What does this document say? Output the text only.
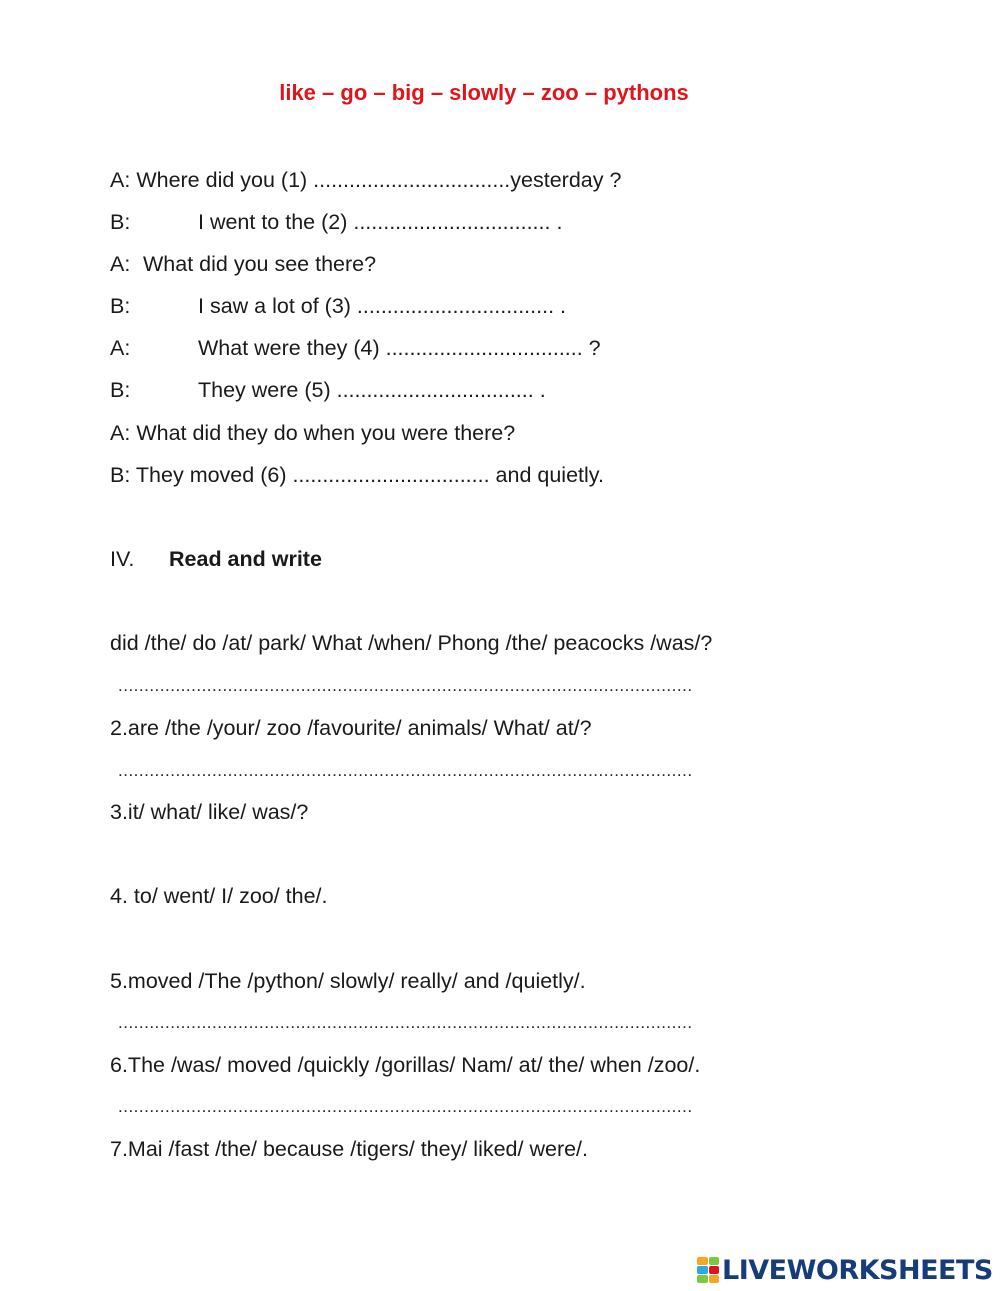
like – go – big – slowly – zoo – pythons
A: Where did you (1) .................................yesterday ?
B:	I went to the (2) ................................. .
A: What did you see there?
B:	I saw a lot of (3) ................................. .
A:	What were they (4) ................................. ?
B:	They were (5) ................................. .
A: What did they do when you were there?
B: They moved (6) ................................. and quietly.
IV. Read and write
did /the/ do /at/ park/ What /when/ Phong /the/ peacocks /was/?
..............................................................................................................
2.are /the /your/ zoo /favourite/ animals/ What/ at/?
..............................................................................................................
3.it/ what/ like/ was/?
4. to/ went/ I/ zoo/ the/.
5.moved /The /python/ slowly/ really/ and /quietly/.
..............................................................................................................
6.The /was/ moved /quickly /gorillas/ Nam/ at/ the/ when /zoo/.
..............................................................................................................
7.Mai /fast /the/ because /tigers/ they/ liked/ were/.
LIVEWORKSHEETS
